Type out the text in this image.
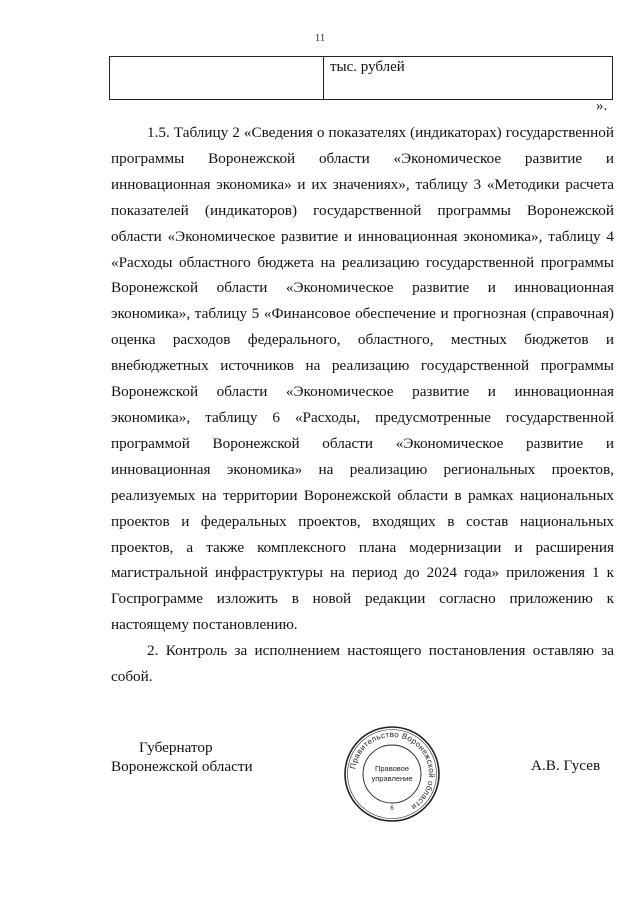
11
тыс. рублей
».

1.5. Таблицу 2 «Сведения о показателях (индикаторах) государственной программы Воронежской области «Экономическое развитие и инновационная экономика» и их значениях», таблицу 3 «Методики расчета показателей (индикаторов) государственной программы Воронежской области «Экономическое развитие и инновационная экономика», таблицу 4 «Расходы областного бюджета на реализацию государственной программы Воронежской области «Экономическое развитие и инновационная экономика», таблицу 5 «Финансовое обеспечение и прогнозная (справочная) оценка расходов федерального, областного, местных бюджетов и внебюджетных источников на реализацию государственной программы Воронежской области «Экономическое развитие и инновационная экономика», таблицу 6 «Расходы, предусмотренные государственной программой Воронежской области «Экономическое развитие и инновационная экономика» на реализацию региональных проектов, реализуемых на территории Воронежской области в рамках национальных проектов и федеральных проектов, входящих в состав национальных проектов, а также комплексного плана модернизации и расширения магистральной инфраструктуры на период до 2024 года» приложения 1 к Госпрограмме изложить в новой редакции согласно приложению к настоящему постановлению.

2. Контроль за исполнением настоящего постановления оставляю за собой.

Губернатор
Воронежской области	Правительство Воронежской области
Правовое
управление
6
А.В. Гусев
